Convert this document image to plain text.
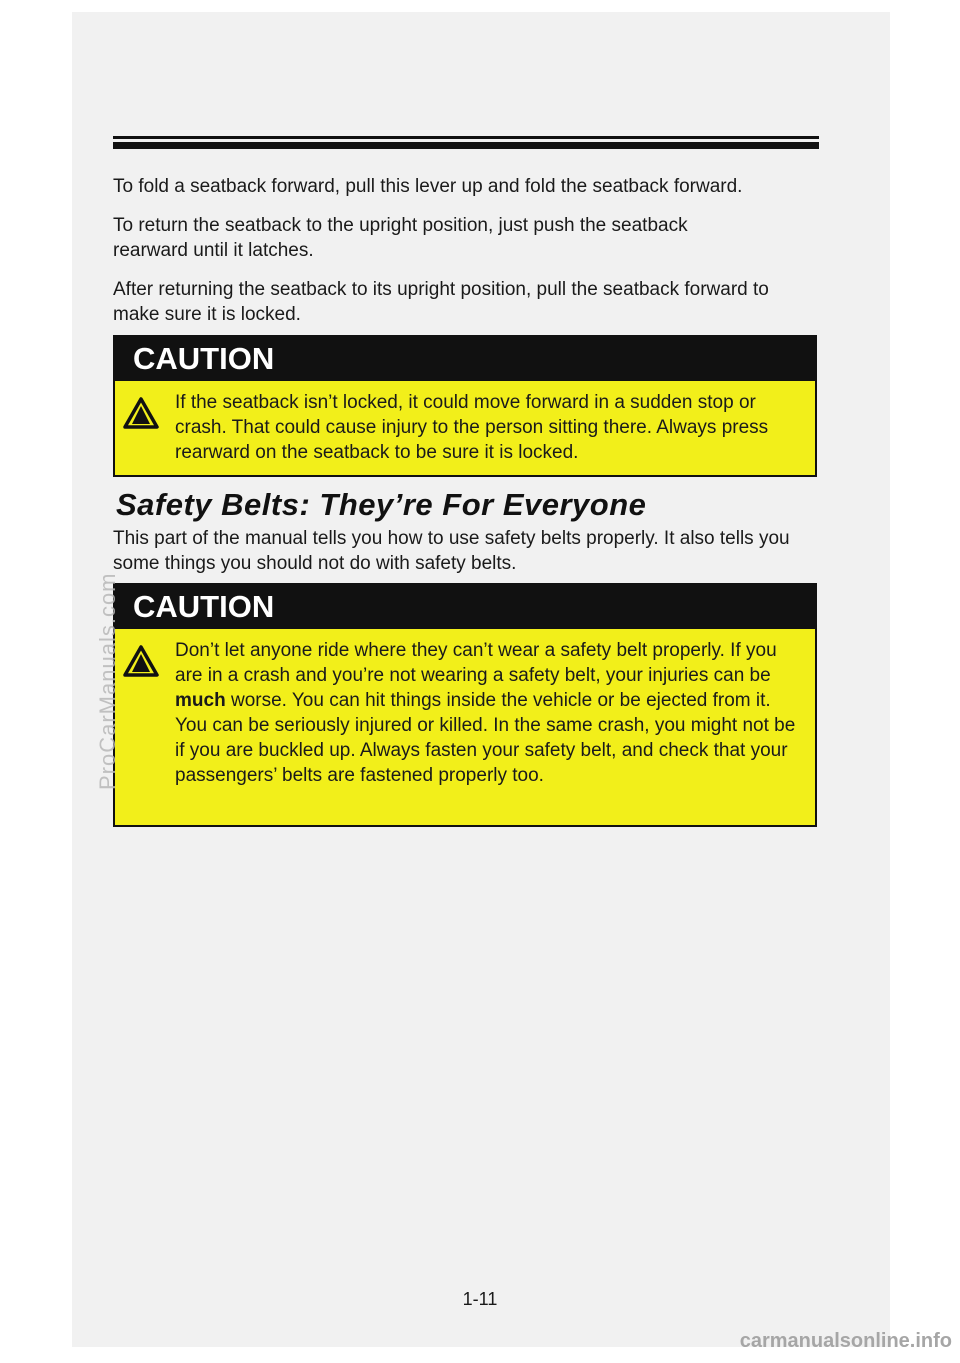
To fold a seatback forward, pull this lever up and fold the seatback forward.
To return the seatback to the upright position, just push the seatback rearward until it latches.
After returning the seatback to its upright position, pull the seatback forward to make sure it is locked.
CAUTION
If the seatback isn’t locked, it could move forward in a sudden stop or crash. That could cause injury to the person sitting there. Always press rearward on the seatback to be sure it is locked.
Safety Belts: They’re For Everyone
This part of the manual tells you how to use safety belts properly. It also tells you some things you should not do with safety belts.
CAUTION
Don’t let anyone ride where they can’t wear a safety belt properly. If you are in a crash and you’re not wearing a safety belt, your injuries can be much worse. You can hit things inside the vehicle or be ejected from it. You can be seriously injured or killed. In the same crash, you might not be if you are buckled up. Always fasten your safety belt, and check that your passengers’ belts are fastened properly too.
1-11
ProCarManuals.com
carmanualsonline.info
